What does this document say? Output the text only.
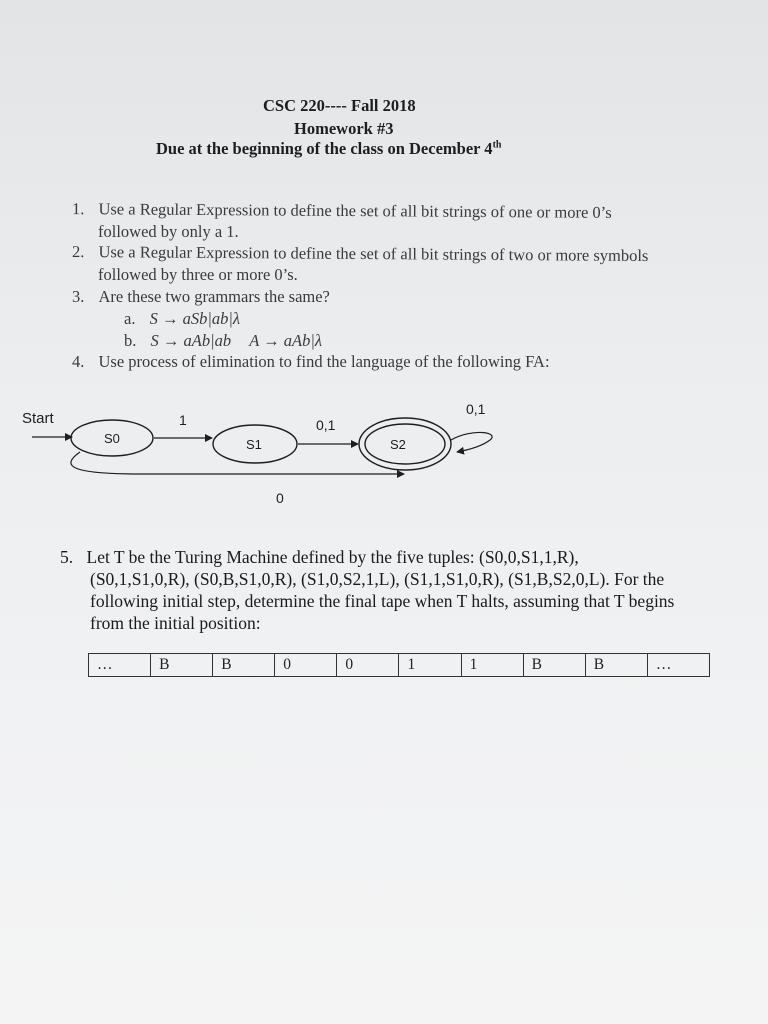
CSC 220---- Fall 2018
Homework #3
Due at the beginning of the class on December 4th
1. Use a Regular Expression to define the set of all bit strings of one or more 0’s
followed by only a 1.
2. Use a Regular Expression to define the set of all bit strings of two or more symbols
followed by three or more 0’s.
3. Are these two grammars the same?
a. S → aSb|ab|λ
b. S → aAb|ab A → aAb|λ
4. Use process of elimination to find the language of the following FA:
Start
S0
1
S1
0,1
S2
0,1
0
5. Let T be the Turing Machine defined by the five tuples: (S0,0,S1,1,R),
(S0,1,S1,0,R), (S0,B,S1,0,R), (S1,0,S2,1,L), (S1,1,S1,0,R), (S1,B,S2,0,L). For the
following initial step, determine the final tape when T halts, assuming that T begins
from the initial position:
…	B	B	0	0	1	1	B	B	…
